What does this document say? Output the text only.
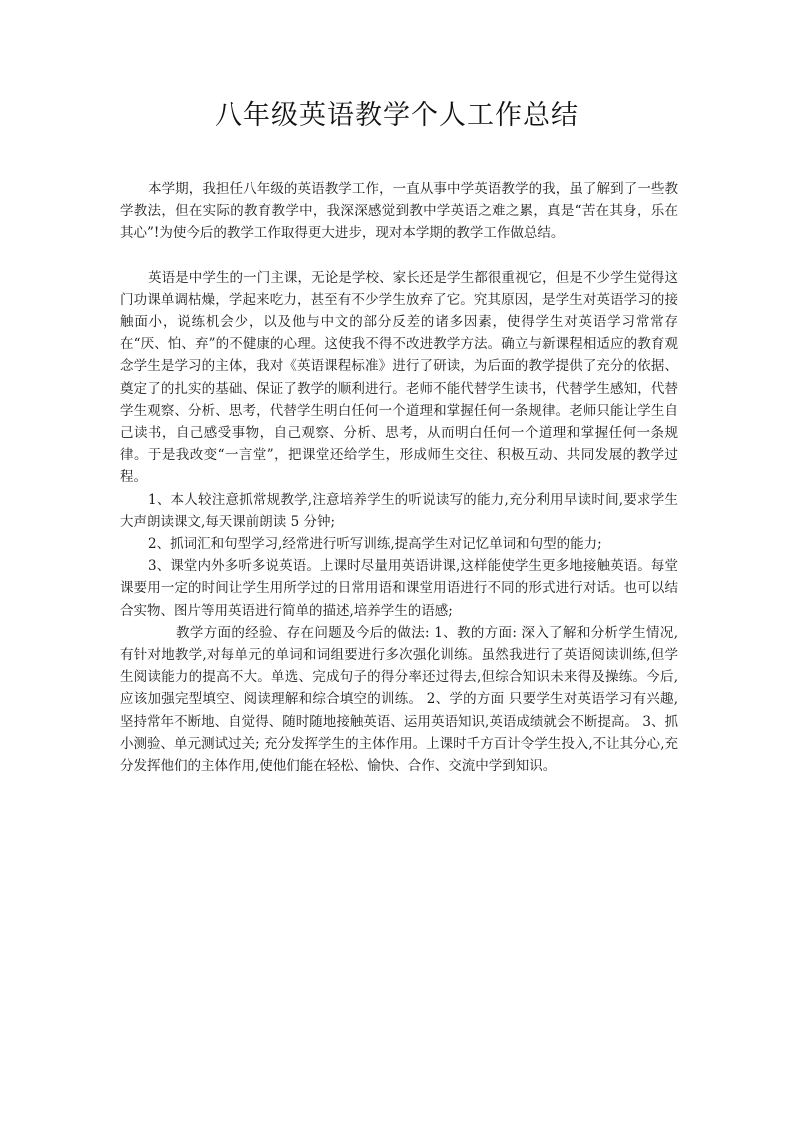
八年级英语教学个人工作总结

本学期，我担任八年级的英语教学工作，一直从事中学英语教学的我，虽了解到了一些教学教法，但在实际的教育教学中，我深深感觉到教中学英语之难之累，真是“苦在其身，乐在其心”!为使今后的教学工作取得更大进步，现对本学期的教学工作做总结。

英语是中学生的一门主课，无论是学校、家长还是学生都很重视它，但是不少学生觉得这门功课单调枯燥，学起来吃力，甚至有不少学生放弃了它。究其原因，是学生对英语学习的接触面小，说练机会少，以及他与中文的部分反差的诸多因素，使得学生对英语学习常常存在“厌、怕、弃”的不健康的心理。这使我不得不改进教学方法。确立与新课程相适应的教育观念学生是学习的主体，我对《英语课程标准》进行了研读，为后面的教学提供了充分的依据、奠定了的扎实的基础、保证了教学的顺利进行。老师不能代替学生读书，代替学生感知，代替学生观察、分析、思考，代替学生明白任何一个道理和掌握任何一条规律。老师只能让学生自己读书，自己感受事物，自己观察、分析、思考，从而明白任何一个道理和掌握任何一条规律。于是我改变“一言堂”，把课堂还给学生，形成师生交往、积极互动、共同发展的教学过程。

1、本人较注意抓常规教学,注意培养学生的听说读写的能力,充分利用早读时间,要求学生大声朗读课文,每天课前朗读 5 分钟;

2、抓词汇和句型学习,经常进行听写训练,提高学生对记忆单词和句型的能力;

3、课堂内外多听多说英语。上课时尽量用英语讲课,这样能使学生更多地接触英语。每堂课要用一定的时间让学生用所学过的日常用语和课堂用语进行不同的形式进行对话。也可以结合实物、图片等用英语进行简单的描述,培养学生的语感;

教学方面的经验、存在问题及今后的做法: 1、教的方面: 深入了解和分析学生情况,有针对地教学,对每单元的单词和词组要进行多次强化训练。虽然我进行了英语阅读训练,但学生阅读能力的提高不大。单选、完成句子的得分率还过得去,但综合知识未来得及操练。今后,应该加强完型填空、阅读理解和综合填空的训练。 2、学的方面 只要学生对英语学习有兴趣,坚持常年不断地、自觉得、随时随地接触英语、运用英语知识,英语成绩就会不断提高。 3、抓小测验、单元测试过关; 充分发挥学生的主体作用。上课时千方百计令学生投入,不让其分心,充分发挥他们的主体作用,使他们能在轻松、愉快、合作、交流中学到知识。
